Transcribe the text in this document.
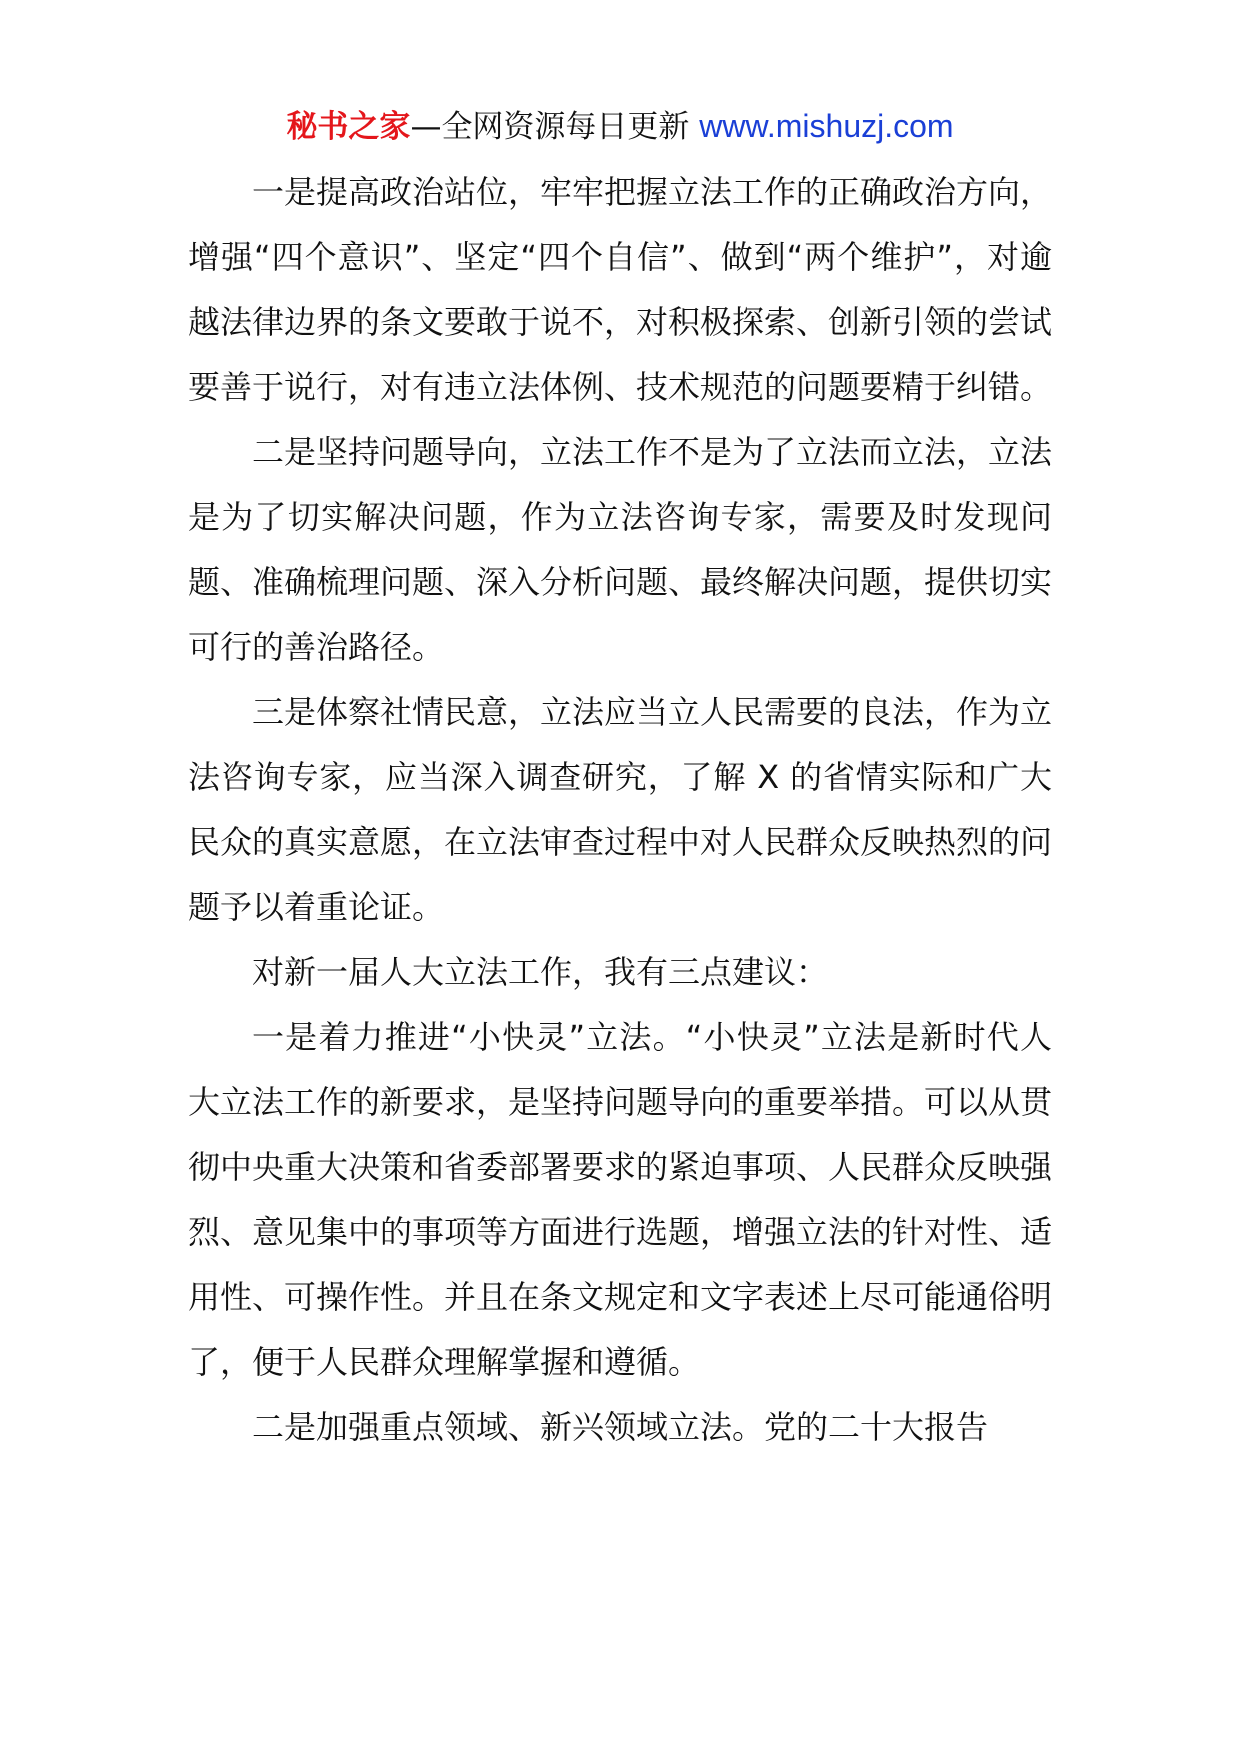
秘书之家—全网资源每日更新 www.mishuzj.com

一是提高政治站位，牢牢把握立法工作的正确政治方向，增强“四个意识”、坚定“四个自信”、做到“两个维护”，对逾越法律边界的条文要敢于说不，对积极探索、创新引领的尝试要善于说行，对有违立法体例、技术规范的问题要精于纠错。

二是坚持问题导向，立法工作不是为了立法而立法，立法是为了切实解决问题，作为立法咨询专家，需要及时发现问题、准确梳理问题、深入分析问题、最终解决问题，提供切实可行的善治路径。

三是体察社情民意，立法应当立人民需要的良法，作为立法咨询专家，应当深入调查研究，了解 X 的省情实际和广大民众的真实意愿，在立法审查过程中对人民群众反映热烈的问题予以着重论证。

对新一届人大立法工作，我有三点建议：

一是着力推进“小快灵”立法。“小快灵”立法是新时代人大立法工作的新要求，是坚持问题导向的重要举措。可以从贯彻中央重大决策和省委部署要求的紧迫事项、人民群众反映强烈、意见集中的事项等方面进行选题，增强立法的针对性、适用性、可操作性。并且在条文规定和文字表述上尽可能通俗明了，便于人民群众理解掌握和遵循。

二是加强重点领域、新兴领域立法。党的二十大报告
